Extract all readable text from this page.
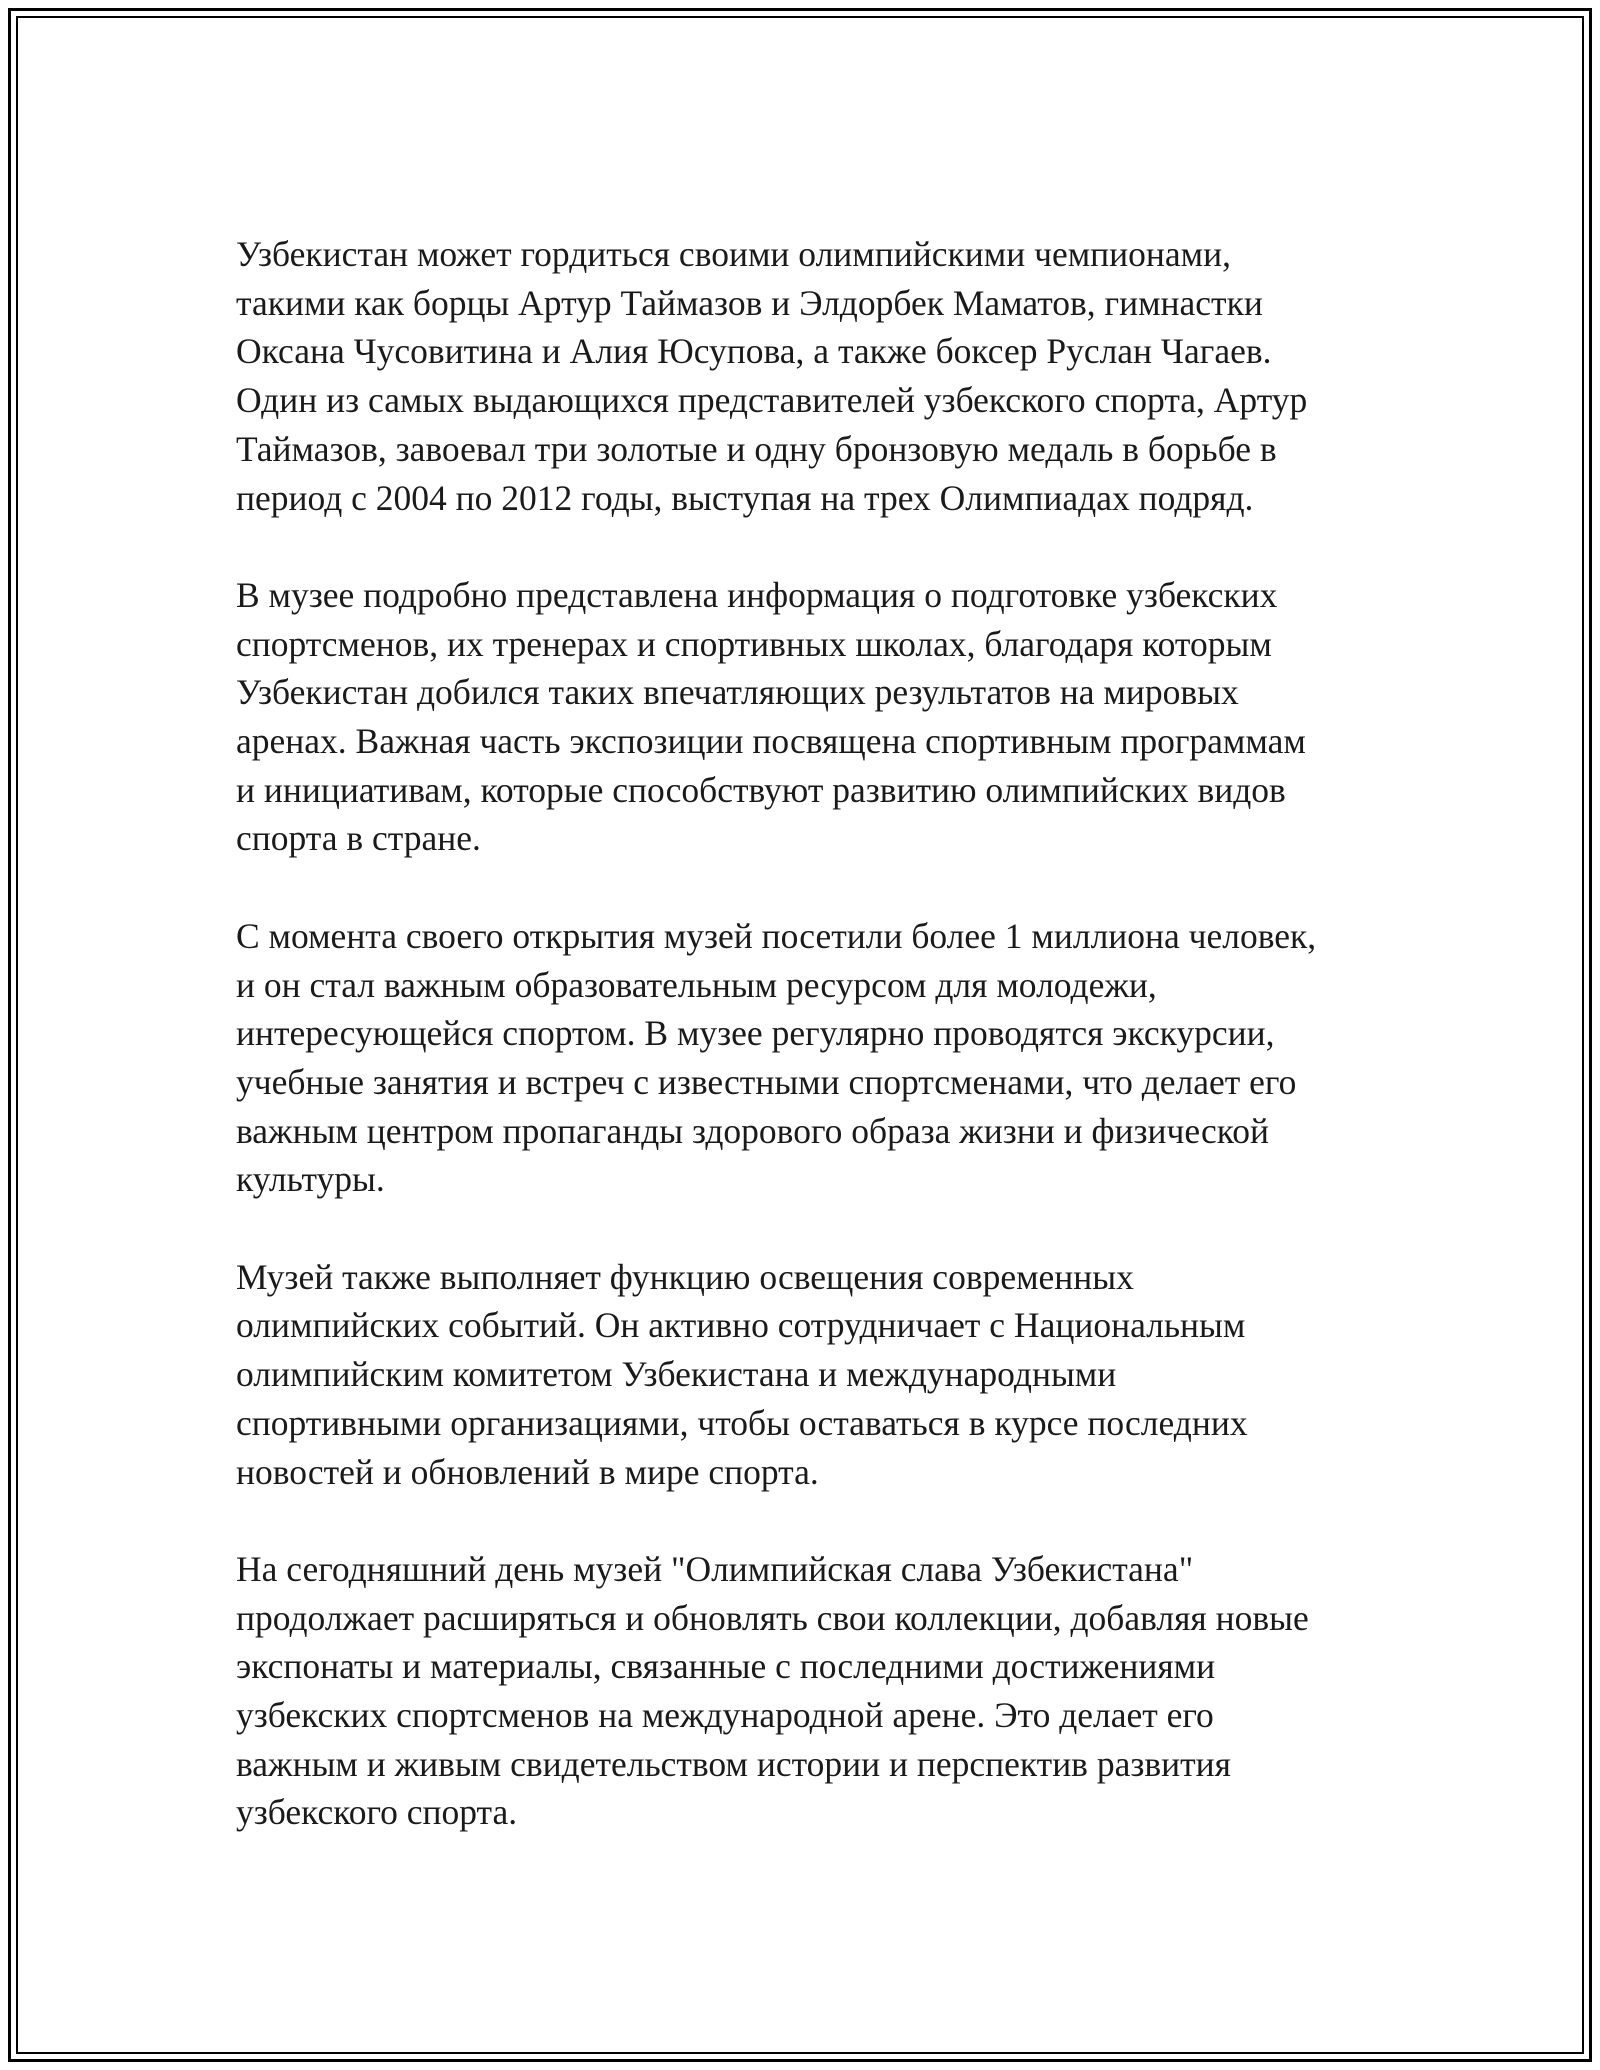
Узбекистан может гордиться своими олимпийскими чемпионами,
такими как борцы Артур Таймазов и Элдорбек Маматов, гимнастки
Оксана Чусовитина и Алия Юсупова, а также боксер Руслан Чагаев.
Один из самых выдающихся представителей узбекского спорта, Артур
Таймазов, завоевал три золотые и одну бронзовую медаль в борьбе в
период с 2004 по 2012 годы, выступая на трех Олимпиадах подряд.

В музее подробно представлена информация о подготовке узбекских
спортсменов, их тренерах и спортивных школах, благодаря которым
Узбекистан добился таких впечатляющих результатов на мировых
аренах. Важная часть экспозиции посвящена спортивным программам
и инициативам, которые способствуют развитию олимпийских видов
спорта в стране.

С момента своего открытия музей посетили более 1 миллиона человек,
и он стал важным образовательным ресурсом для молодежи,
интересующейся спортом. В музее регулярно проводятся экскурсии,
учебные занятия и встреч с известными спортсменами, что делает его
важным центром пропаганды здорового образа жизни и физической
культуры.

Музей также выполняет функцию освещения современных
олимпийских событий. Он активно сотрудничает с Национальным
олимпийским комитетом Узбекистана и международными
спортивными организациями, чтобы оставаться в курсе последних
новостей и обновлений в мире спорта.

На сегодняшний день музей "Олимпийская слава Узбекистана"
продолжает расширяться и обновлять свои коллекции, добавляя новые
экспонаты и материалы, связанные с последними достижениями
узбекских спортсменов на международной арене. Это делает его
важным и живым свидетельством истории и перспектив развития
узбекского спорта.
